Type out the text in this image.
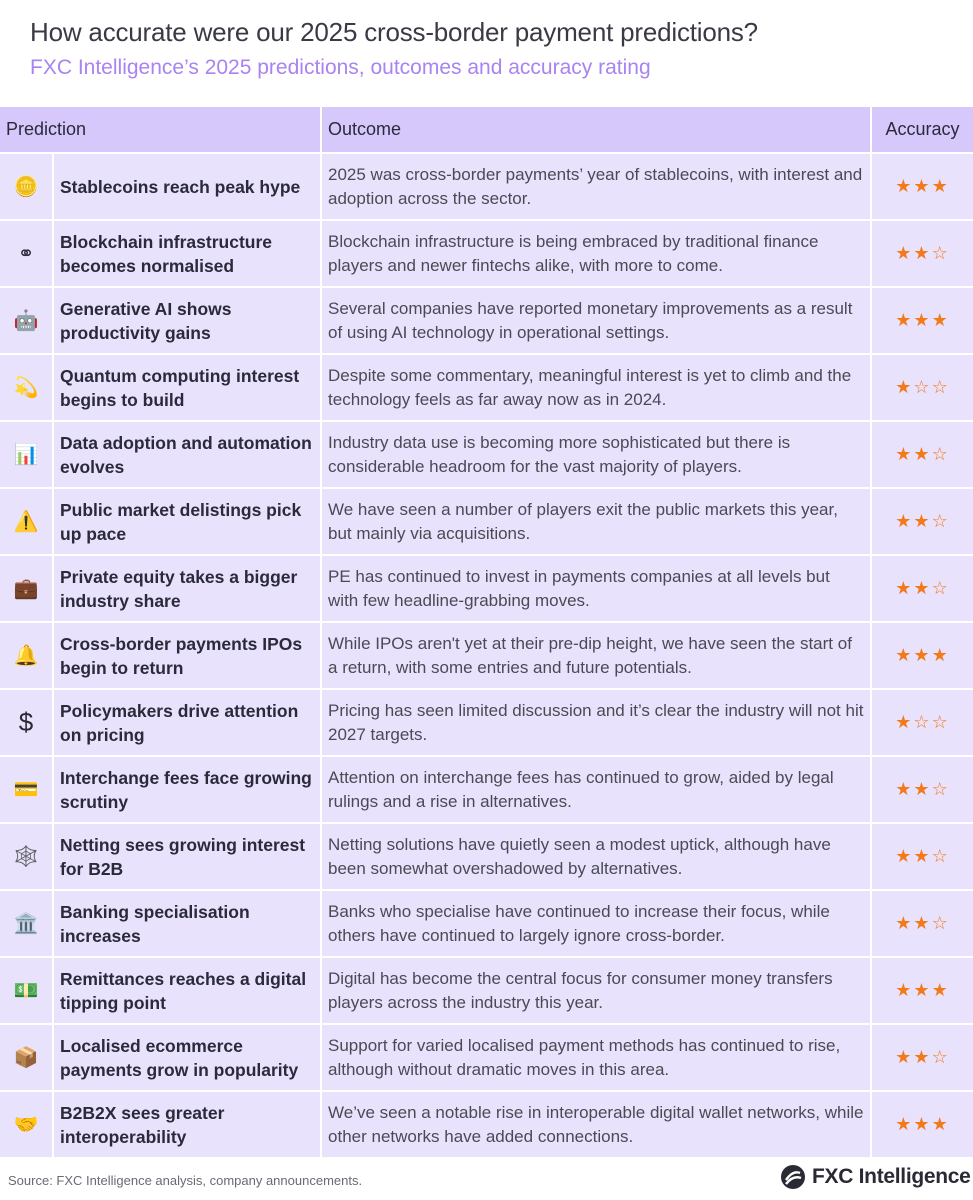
How accurate were our 2025 cross-border payment predictions?
FXC Intelligence’s 2025 predictions, outcomes and accuracy rating
Prediction		Outcome	Accuracy
🪙	Stablecoins reach peak hype	2025 was cross-border payments’ year of stablecoins, with interest and adoption across the sector.	★★★
⚭	Blockchain infrastructure becomes normalised	Blockchain infrastructure is being embraced by traditional finance players and newer fintechs alike, with more to come.	★★☆
🤖	Generative AI shows productivity gains	Several companies have reported monetary improvements as a result of using AI technology in operational settings.	★★★
💫	Quantum computing interest begins to build	Despite some commentary, meaningful interest is yet to climb and the technology feels as far away now as in 2024.	★☆☆
📊	Data adoption and automation evolves	Industry data use is becoming more sophisticated but there is considerable headroom for the vast majority of players.	★★☆
⚠️	Public market delistings pick up pace	We have seen a number of players exit the public markets this year, but mainly via acquisitions.	★★☆
💼	Private equity takes a bigger industry share	PE has continued to invest in payments companies at all levels but with few headline-grabbing moves.	★★☆
🔔	Cross-border payments IPOs begin to return	While IPOs aren't yet at their pre-dip height, we have seen the start of a return, with some entries and future potentials.	★★★
$	Policymakers drive attention on pricing	Pricing has seen limited discussion and it’s clear the industry will not hit 2027 targets.	★☆☆
💳	Interchange fees face growing scrutiny	Attention on interchange fees has continued to grow, aided by legal rulings and a rise in alternatives.	★★☆
🕸️	Netting sees growing interest for B2B	Netting solutions have quietly seen a modest uptick, although have been somewhat overshadowed by alternatives.	★★☆
🏛️	Banking specialisation increases	Banks who specialise have continued to increase their focus, while others have continued to largely ignore cross-border.	★★☆
💵	Remittances reaches a digital tipping point	Digital has become the central focus for consumer money transfers players across the industry this year.	★★★
📦	Localised ecommerce payments grow in popularity	Support for varied localised payment methods has continued to rise, although without dramatic moves in this area.	★★☆
🤝	B2B2X sees greater interoperability	We’ve seen a notable rise in interoperable digital wallet networks, while other networks have added connections.	★★★
Source: FXC Intelligence analysis, company announcements.	FXC Intelligence
